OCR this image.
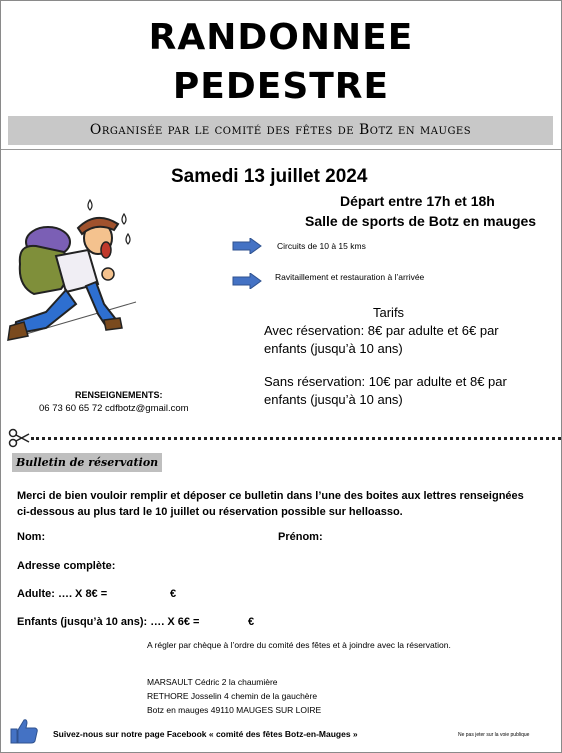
RANDONNEE
PEDESTRE
Organisée par le comité des fêtes de Botz en mauges
Samedi 13 juillet 2024
Départ entre 17h et 18h
Salle de sports de Botz en mauges
Circuits de 10 à 15 kms
Ravitaillement et restauration à l’arrivée
Tarifs
Avec réservation: 8€ par adulte et 6€ par enfants (jusqu’à 10 ans)
Sans réservation: 10€ par adulte et 8€ par enfants (jusqu’à 10 ans)
RENSEIGNEMENTS:
06 73 60 65 72 cdfbotz@gmail.com
Bulletin de réservation
Merci de bien vouloir remplir et déposer ce bulletin dans l’une des boites aux lettres renseignées ci-dessous au plus tard le 10 juillet ou réservation possible sur helloasso.
Nom:	Prénom:
Adresse complète:
Adulte: …. X 8€ =	€
Enfants (jusqu’à 10 ans): …. X 6€ =	€
A régler par chèque à l’ordre du comité des fêtes et à joindre avec la réservation.
MARSAULT Cédric 2 la chaumière
RETHORE Josselin 4 chemin de la gauchère
Botz en mauges 49110 MAUGES SUR LOIRE
Suivez-nous sur notre page Facebook « comité des fêtes Botz-en-Mauges »	Ne pas jeter sur la voie publique
